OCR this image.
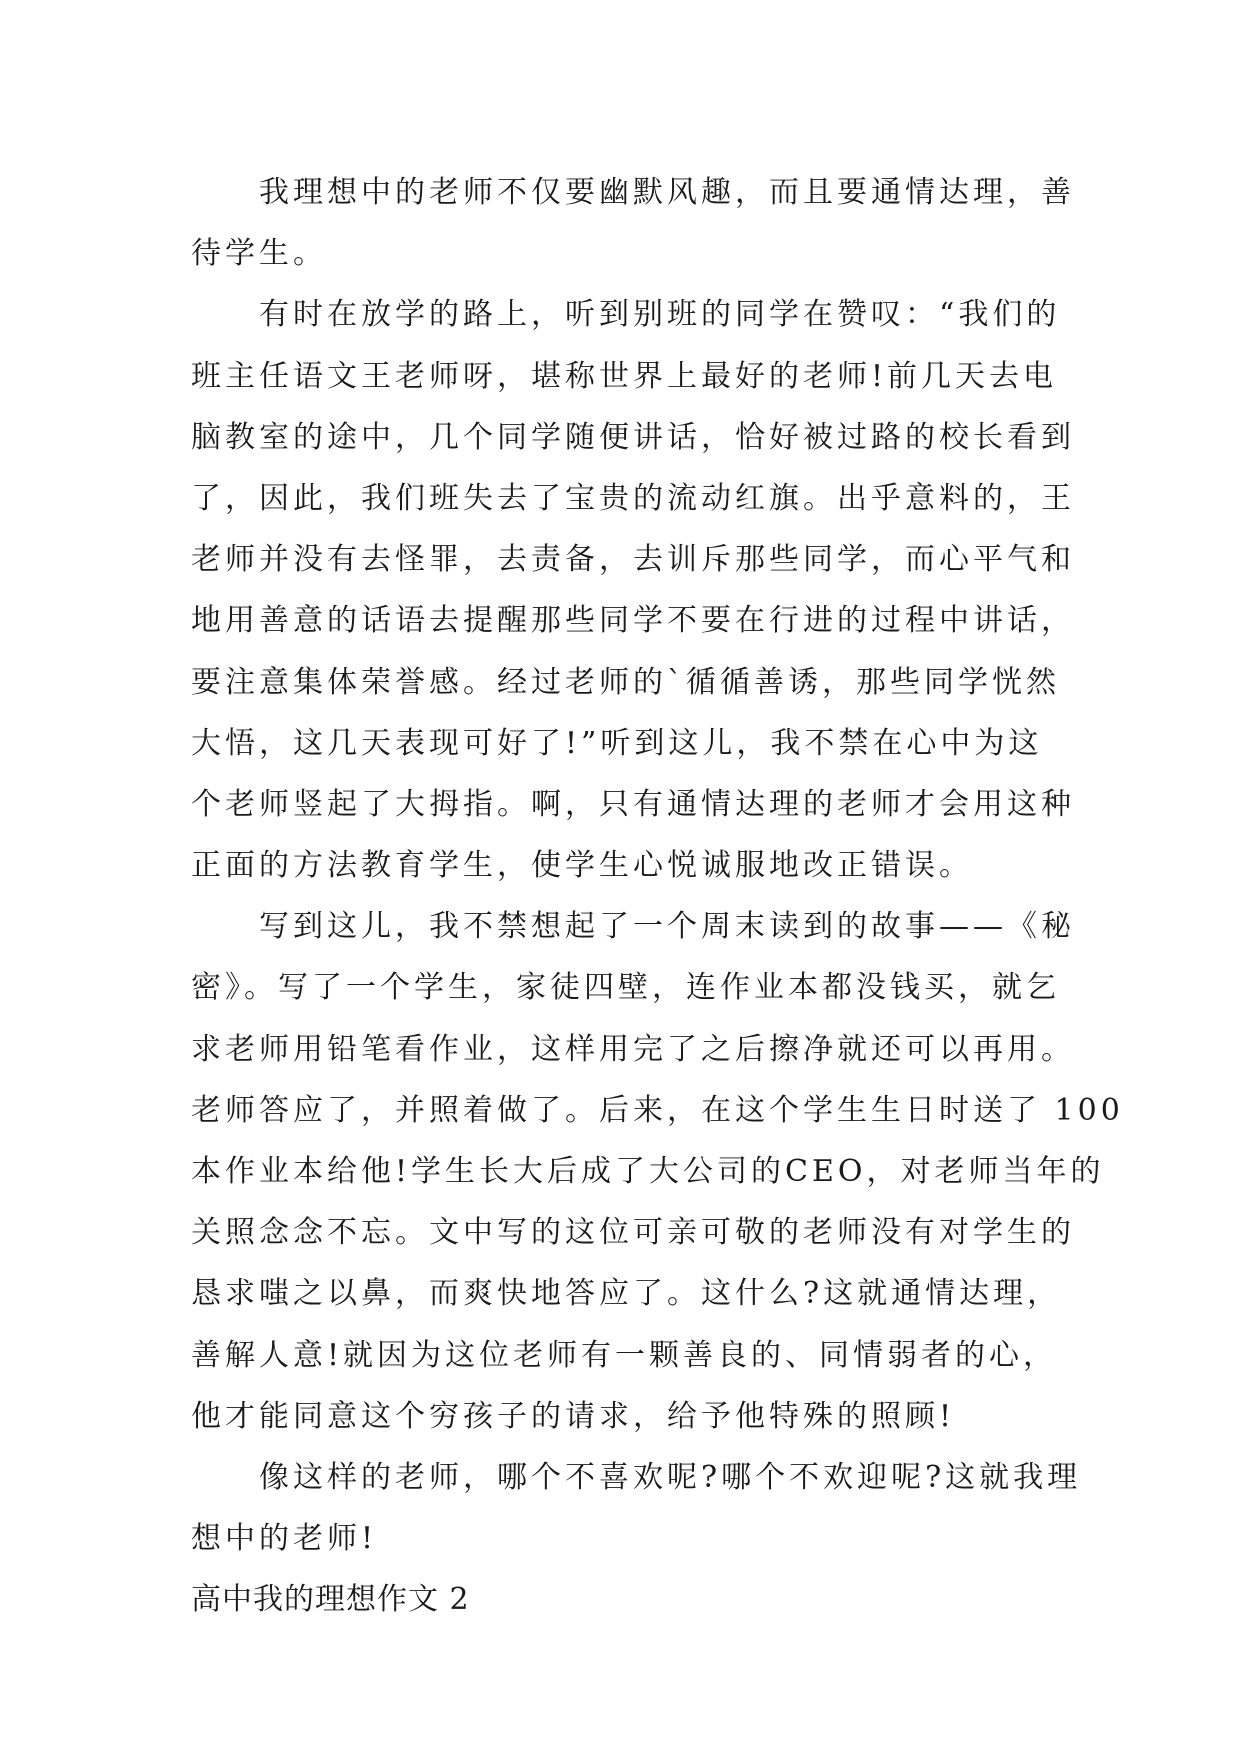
我理想中的老师不仅要幽默风趣，而且要通情达理，善
待学生。
有时在放学的路上，听到别班的同学在赞叹：“我们的
班主任语文王老师呀，堪称世界上最好的老师!前几天去电
脑教室的途中，几个同学随便讲话，恰好被过路的校长看到
了，因此，我们班失去了宝贵的流动红旗。出乎意料的，王
老师并没有去怪罪，去责备，去训斥那些同学，而心平气和
地用善意的话语去提醒那些同学不要在行进的过程中讲话，
要注意集体荣誉感。经过老师的`循循善诱，那些同学恍然
大悟，这几天表现可好了!”听到这儿，我不禁在心中为这
个老师竖起了大拇指。啊，只有通情达理的老师才会用这种
正面的方法教育学生，使学生心悦诚服地改正错误。
写到这儿，我不禁想起了一个周末读到的故事——《秘
密》。写了一个学生，家徒四壁，连作业本都没钱买，就乞
求老师用铅笔看作业，这样用完了之后擦净就还可以再用。
老师答应了，并照着做了。后来，在这个学生生日时送了 100
本作业本给他!学生长大后成了大公司的CEO，对老师当年的
关照念念不忘。文中写的这位可亲可敬的老师没有对学生的
恳求嗤之以鼻，而爽快地答应了。这什么?这就通情达理，
善解人意!就因为这位老师有一颗善良的、同情弱者的心，
他才能同意这个穷孩子的请求，给予他特殊的照顾!
像这样的老师，哪个不喜欢呢?哪个不欢迎呢?这就我理
想中的老师!
高中我的理想作文 2
